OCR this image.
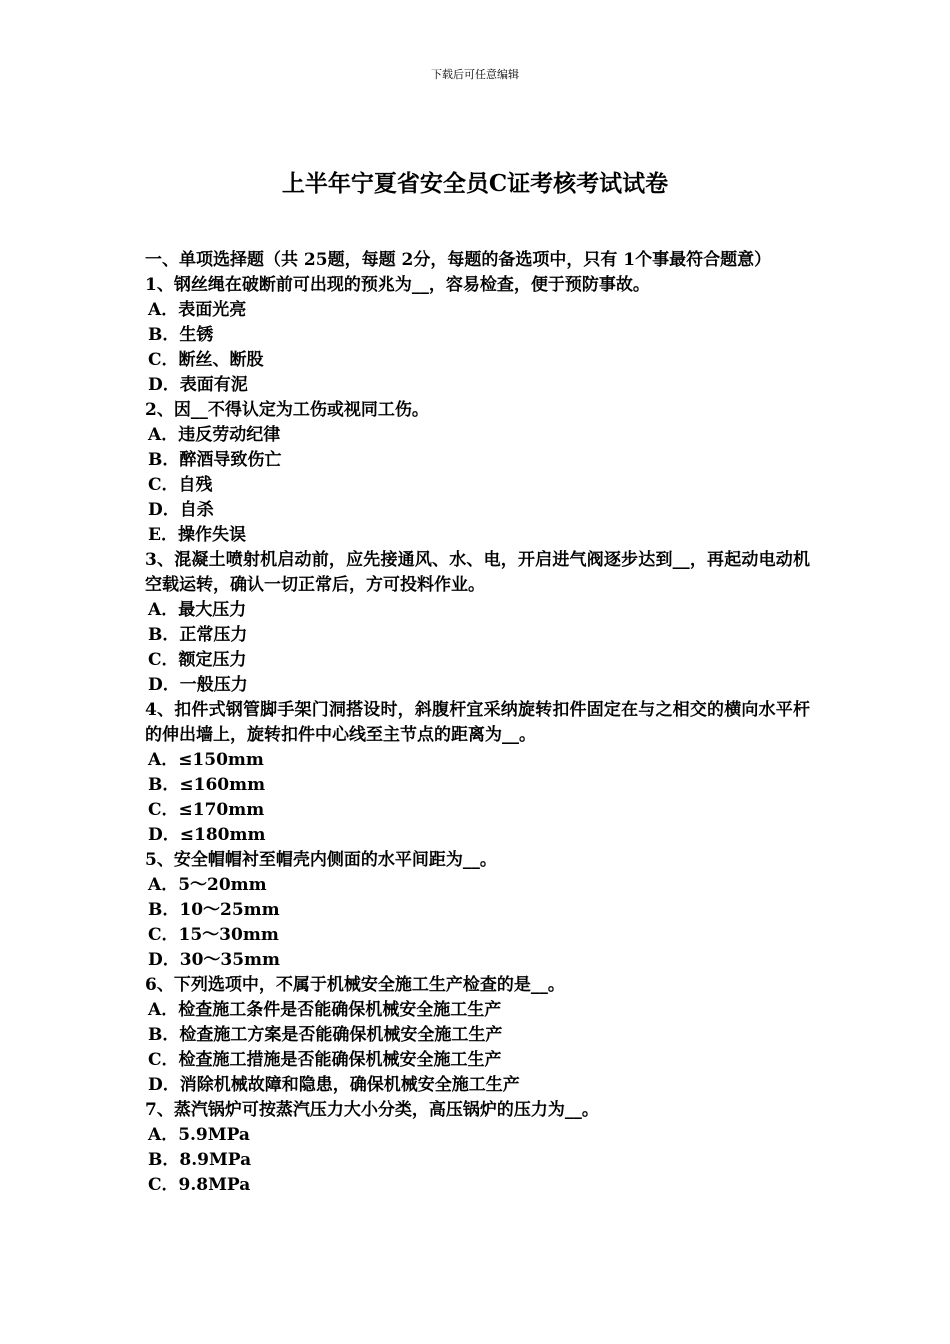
下载后可任意编辑
上半年宁夏省安全员C证考核考试试卷

一、单项选择题（共 25题，每题 2分，每题的备选项中，只有 1个事最符合题意）

1、钢丝绳在破断前可出现的预兆为__，容易检查，便于预防事故。

A．表面光亮
B．生锈
C．断丝、断股
D．表面有泥

2、因__不得认定为工伤或视同工伤。

A．违反劳动纪律
B．醉酒导致伤亡
C．自残
D．自杀
E．操作失误

3、混凝土喷射机启动前，应先接通风、水、电，开启进气阀逐步达到__，再起动电动机空载运转，确认一切正常后，方可投料作业。

A．最大压力
B．正常压力
C．额定压力
D．一般压力

4、扣件式钢管脚手架门洞搭设时，斜腹杆宜采纳旋转扣件固定在与之相交的横向水平杆的伸出墙上，旋转扣件中心线至主节点的距离为__。

A．≤150mm
B．≤160mm
C．≤170mm
D．≤180mm

5、安全帽帽衬至帽壳内侧面的水平间距为__。

A．5～20mm
B．10～25mm
C．15～30mm
D．30～35mm

6、下列选项中，不属于机械安全施工生产检查的是__。

A．检查施工条件是否能确保机械安全施工生产
B．检查施工方案是否能确保机械安全施工生产
C．检查施工措施是否能确保机械安全施工生产
D．消除机械故障和隐患，确保机械安全施工生产

7、蒸汽锅炉可按蒸汽压力大小分类，高压锅炉的压力为__。

A．5.9MPa
B．8.9MPa
C．9.8MPa
